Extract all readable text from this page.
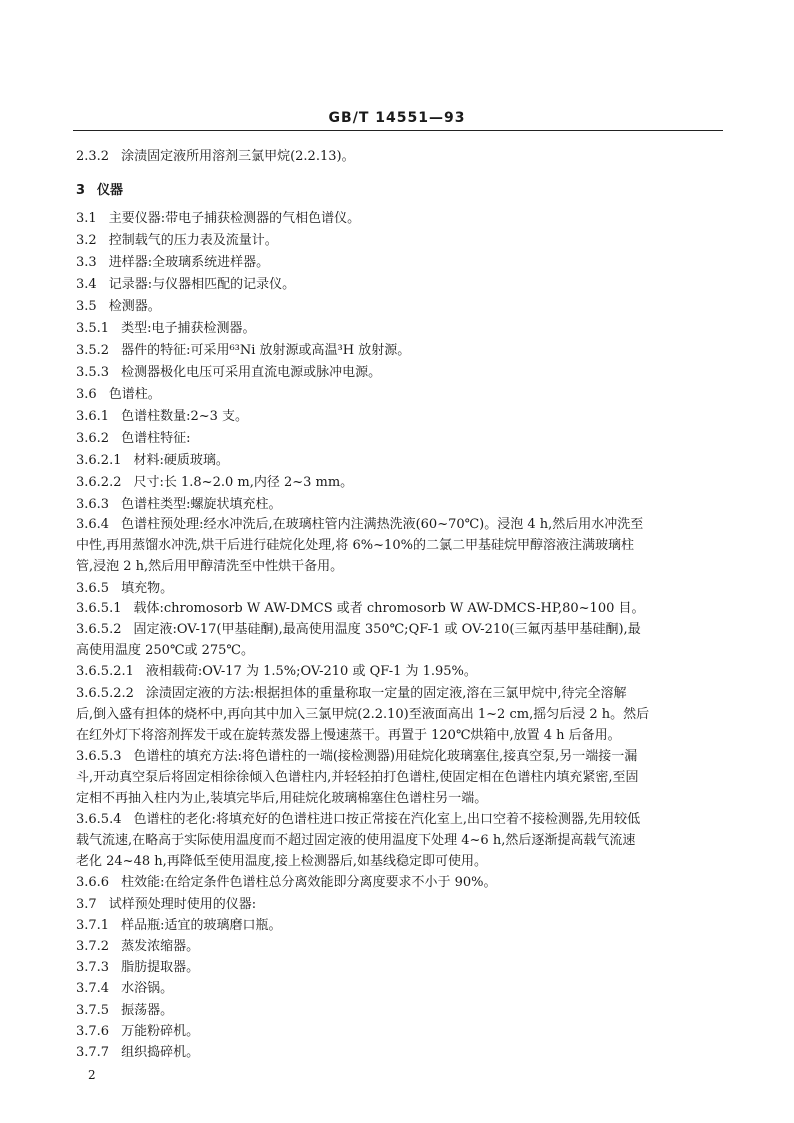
GB/T 14551—93
2.3.2 涂渍固定液所用溶剂三氯甲烷(2.2.13)。
3 仪器
3.1 主要仪器:带电子捕获检测器的气相色谱仪。
3.2 控制载气的压力表及流量计。
3.3 进样器:全玻璃系统进样器。
3.4 记录器:与仪器相匹配的记录仪。
3.5 检测器。
3.5.1 类型:电子捕获检测器。
3.5.2 器件的特征:可采用⁶³Ni 放射源或高温³H 放射源。
3.5.3 检测器极化电压可采用直流电源或脉冲电源。
3.6 色谱柱。
3.6.1 色谱柱数量:2~3 支。
3.6.2 色谱柱特征:
3.6.2.1 材料:硬质玻璃。
3.6.2.2 尺寸:长 1.8~2.0 m,内径 2~3 mm。
3.6.3 色谱柱类型:螺旋状填充柱。
3.6.4 色谱柱预处理:经水冲洗后,在玻璃柱管内注满热洗液(60~70℃)。浸泡 4 h,然后用水冲洗至
中性,再用蒸馏水冲洗,烘干后进行硅烷化处理,将 6%~10%的二氯二甲基硅烷甲醇溶液注满玻璃柱
管,浸泡 2 h,然后用甲醇清洗至中性烘干备用。
3.6.5 填充物。
3.6.5.1 载体:chromosorb W AW-DMCS 或者 chromosorb W AW-DMCS-HP,80~100 目。
3.6.5.2 固定液:OV-17(甲基硅酮),最高使用温度 350℃;QF-1 或 OV-210(三氟丙基甲基硅酮),最
高使用温度 250℃或 275℃。
3.6.5.2.1 液相载荷:OV-17 为 1.5%;OV-210 或 QF-1 为 1.95%。
3.6.5.2.2 涂渍固定液的方法:根据担体的重量称取一定量的固定液,溶在三氯甲烷中,待完全溶解
后,倒入盛有担体的烧杯中,再向其中加入三氯甲烷(2.2.10)至液面高出 1~2 cm,摇匀后浸 2 h。然后
在红外灯下将溶剂挥发干或在旋转蒸发器上慢速蒸干。再置于 120℃烘箱中,放置 4 h 后备用。
3.6.5.3 色谱柱的填充方法:将色谱柱的一端(接检测器)用硅烷化玻璃塞住,接真空泵,另一端接一漏
斗,开动真空泵后将固定相徐徐倾入色谱柱内,并轻轻拍打色谱柱,使固定相在色谱柱内填充紧密,至固
定相不再抽入柱内为止,装填完毕后,用硅烷化玻璃棉塞住色谱柱另一端。
3.6.5.4 色谱柱的老化:将填充好的色谱柱进口按正常接在汽化室上,出口空着不接检测器,先用较低
载气流速,在略高于实际使用温度而不超过固定液的使用温度下处理 4~6 h,然后逐渐提高载气流速
老化 24~48 h,再降低至使用温度,接上检测器后,如基线稳定即可使用。
3.6.6 柱效能:在给定条件色谱柱总分离效能即分离度要求不小于 90%。
3.7 试样预处理时使用的仪器:
3.7.1 样品瓶:适宜的玻璃磨口瓶。
3.7.2 蒸发浓缩器。
3.7.3 脂肪提取器。
3.7.4 水浴锅。
3.7.5 振荡器。
3.7.6 万能粉碎机。
3.7.7 组织捣碎机。
2
